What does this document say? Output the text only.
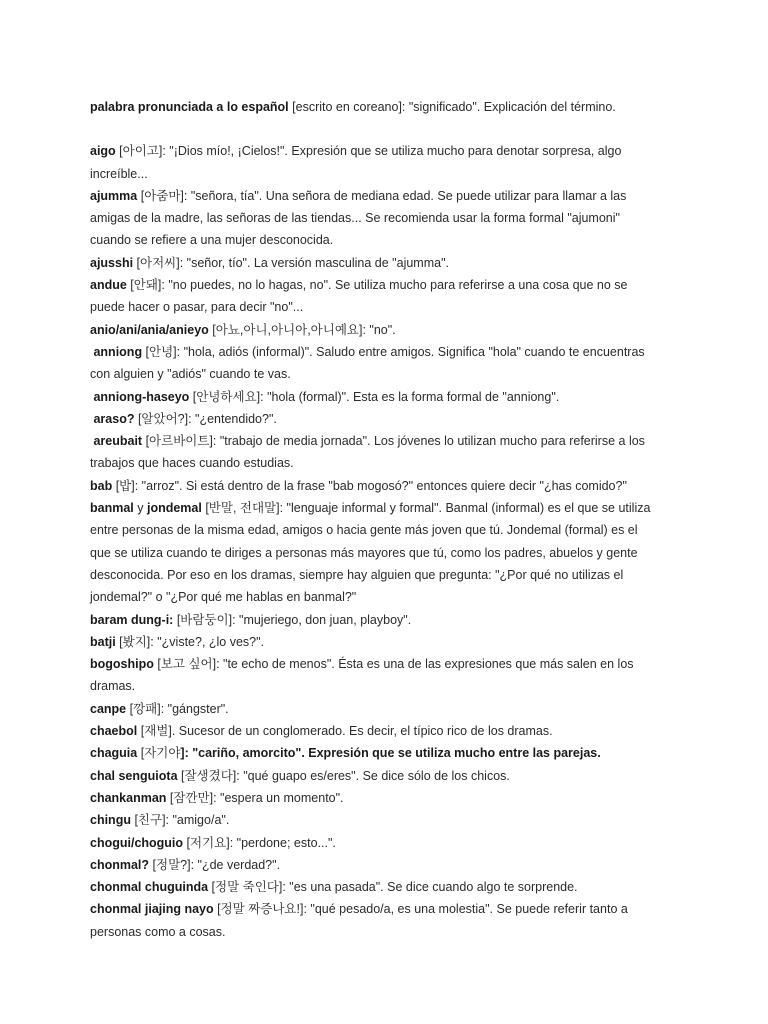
palabra pronunciada a lo español [escrito en coreano]: "significado". Explicación del término.

aigo [아이고]: "¡Dios mío!, ¡Cielos!". Expresión que se utiliza mucho para denotar sorpresa, algo increíble...

ajumma [아줌마]: "señora, tía". Una señora de mediana edad. Se puede utilizar para llamar a las amigas de la madre, las señoras de las tiendas... Se recomienda usar la forma formal "ajumoni" cuando se refiere a una mujer desconocida.

ajusshi [아저씨]: "señor, tío". La versión masculina de "ajumma".

andue [안돼]: "no puedes, no lo hagas, no". Se utiliza mucho para referirse a una cosa que no se puede hacer o pasar, para decir "no"...

anio/ani/ania/anieyo [아뇨,아니,아니아,아니예요]: "no".

anniong [안녕]: "hola, adiós (informal)". Saludo entre amigos. Significa "hola" cuando te encuentras con alguien y "adiós" cuando te vas.

anniong-haseyo [안녕하세요]: "hola (formal)". Esta es la forma formal de "anniong".

araso? [알았어?]: "¿entendido?".

areubait [아르바이트]: "trabajo de media jornada". Los jóvenes lo utilizan mucho para referirse a los trabajos que haces cuando estudias.

bab [밥]: "arroz". Si está dentro de la frase "bab mogosó?" entonces quiere decir "¿has comido?"

banmal y jondemal [반말, 전대말]: "lenguaje informal y formal". Banmal (informal) es el que se utiliza entre personas de la misma edad, amigos o hacia gente más joven que tú. Jondemal (formal) es el que se utiliza cuando te diriges a personas más mayores que tú, como los padres, abuelos y gente desconocida. Por eso en los dramas, siempre hay alguien que pregunta: "¿Por qué no utilizas el jondemal?" o "¿Por qué me hablas en banmal?"

baram dung-i: [바람둥이]: "mujeriego, don juan, playboy".

batji [봤지]: "¿viste?, ¿lo ves?".

bogoshipo [보고 싶어]: "te echo de menos". Ésta es una de las expresiones que más salen en los dramas.

canpe [깡패]: "gángster".

chaebol [재벌]. Sucesor de un conglomerado. Es decir, el típico rico de los dramas.

chaguia [자기야]: "cariño, amorcito". Expresión que se utiliza mucho entre las parejas.

chal senguiota [잘생겼다]: "qué guapo es/eres". Se dice sólo de los chicos.

chankanman [잠깐만]: "espera un momento".

chingu [친구]: "amigo/a".

chogui/choguio [저기요]: "perdone; esto...".

chonmal? [정말?]: "¿de verdad?".

chonmal chuguinda [정말 죽인다]: "es una pasada". Se dice cuando algo te sorprende.

chonmal jiajing nayo [정말 짜증나요!]: "qué pesado/a, es una molestia". Se puede referir tanto a personas como a cosas.
